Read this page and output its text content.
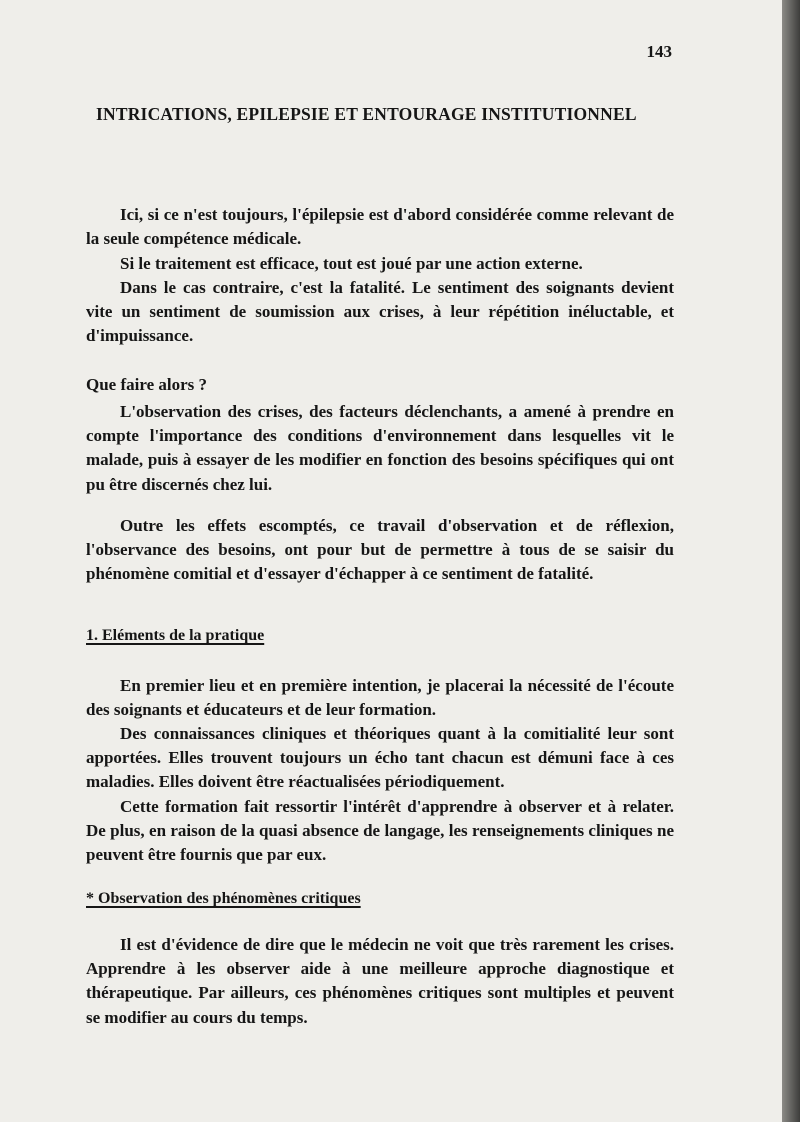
143
INTRICATIONS, EPILEPSIE ET ENTOURAGE INSTITUTIONNEL

Ici, si ce n'est toujours, l'épilepsie est d'abord considérée comme relevant de la seule compétence médicale.

Si le traitement est efficace, tout est joué par une action externe.

Dans le cas contraire, c'est la fatalité. Le sentiment des soignants devient vite un sentiment de soumission aux crises, à leur répétition inéluctable, et d'impuissance.

Que faire alors ?

L'observation des crises, des facteurs déclenchants, a amené à prendre en compte l'importance des conditions d'environnement dans lesquelles vit le malade, puis à essayer de les modifier en fonction des besoins spécifiques qui ont pu être discernés chez lui.

Outre les effets escomptés, ce travail d'observation et de réflexion, l'observance des besoins, ont pour but de permettre à tous de se saisir du phénomène comitial et d'essayer d'échapper à ce sentiment de fatalité.

1. Eléments de la pratique

En premier lieu et en première intention, je placerai la nécessité de l'écoute des soignants et éducateurs et de leur formation.

Des connaissances cliniques et théoriques quant à la comitialité leur sont apportées. Elles trouvent toujours un écho tant chacun est démuni face à ces maladies. Elles doivent être réactualisées périodiquement.

Cette formation fait ressortir l'intérêt d'apprendre à observer et à relater. De plus, en raison de la quasi absence de langage, les renseignements cliniques ne peuvent être fournis que par eux.

* Observation des phénomènes critiques

Il est d'évidence de dire que le médecin ne voit que très rarement les crises. Apprendre à les observer aide à une meilleure approche diagnostique et thérapeutique. Par ailleurs, ces phénomènes critiques sont multiples et peuvent se modifier au cours du temps.
